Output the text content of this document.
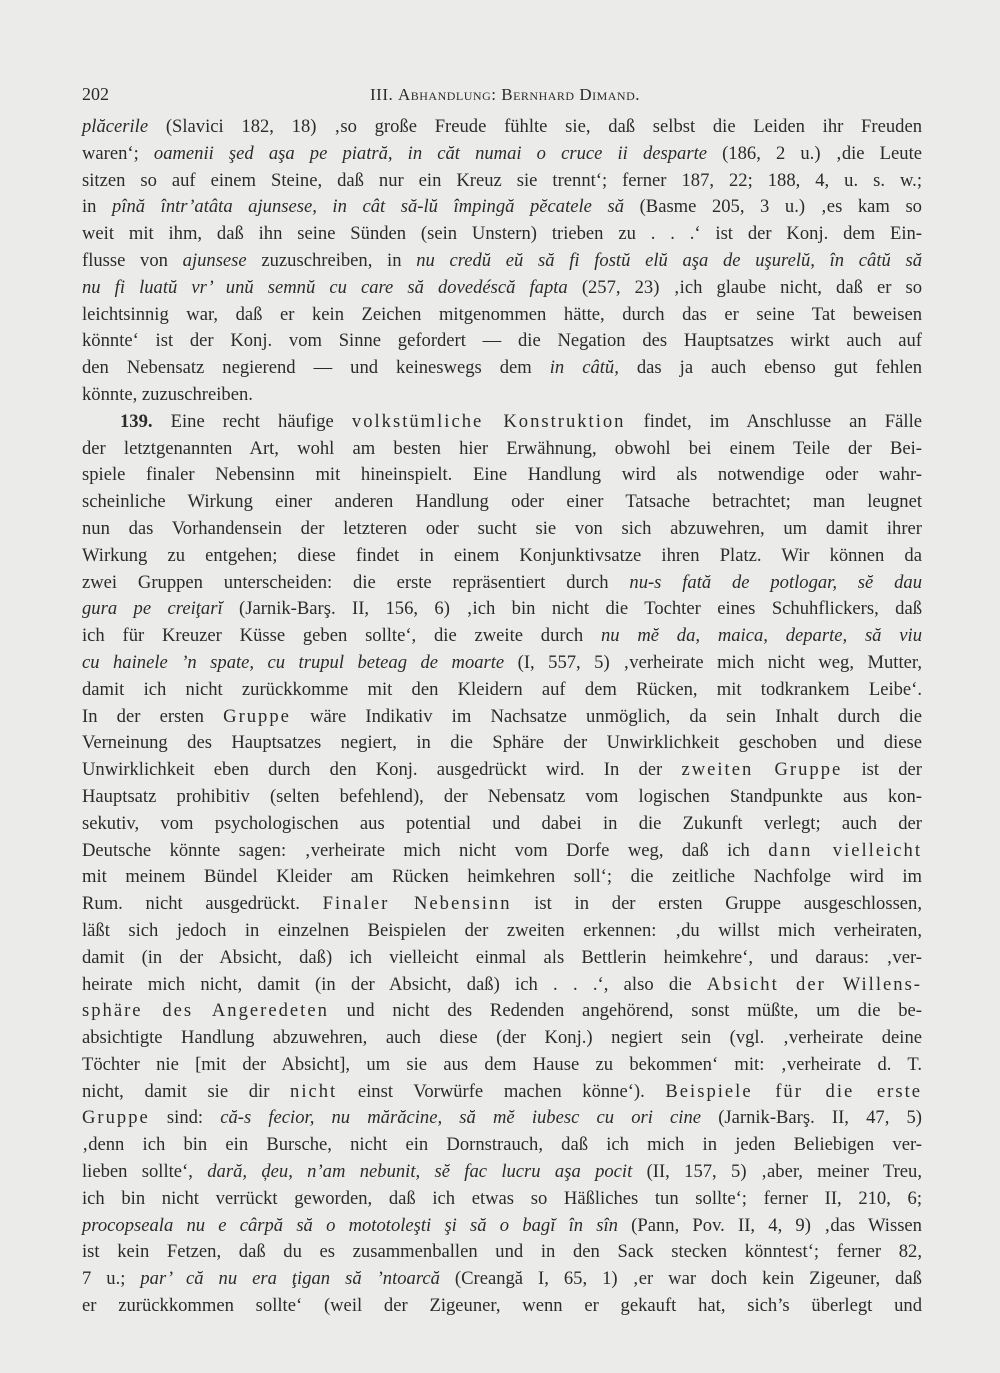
202	III. Abhandlung: Bernhard Dimand.
plăcerile (Slavici 182, 18) ‚so große Freude fühlte sie, daß selbst die Leiden ihr Freuden
waren‘; oamenii şed aşa pe piatră, in căt numai o cruce ii desparte (186, 2 u.) ‚die Leute
sitzen so auf einem Steine, daß nur ein Kreuz sie trennt‘; ferner 187, 22; 188, 4, u. s. w.;
in pînă într’atâta ajunsese, in cât să-lŭ împingă pĕcatele să (Basme 205, 3 u.) ‚es kam so
weit mit ihm, daß ihn seine Sünden (sein Unstern) trieben zu . . .‘ ist der Konj. dem Ein-
flusse von ajunsese zuzuschreiben, in nu credŭ eŭ să fi fostŭ elŭ aşa de uşurelŭ, în câtŭ să
nu fi luatŭ vr’ unŭ semnŭ cu care să dovedéscă fapta (257, 23) ‚ich glaube nicht, daß er so
leichtsinnig war, daß er kein Zeichen mitgenommen hätte, durch das er seine Tat beweisen
könnte‘ ist der Konj. vom Sinne gefordert — die Negation des Hauptsatzes wirkt auch auf
den Nebensatz negierend — und keineswegs dem in câtŭ, das ja auch ebenso gut fehlen
könnte, zuzuschreiben.
139. Eine recht häufige volkstümliche Konstruktion findet, im Anschlusse an Fälle
der letztgenannten Art, wohl am besten hier Erwähnung, obwohl bei einem Teile der Bei-
spiele finaler Nebensinn mit hineinspielt. Eine Handlung wird als notwendige oder wahr-
scheinliche Wirkung einer anderen Handlung oder einer Tatsache betrachtet; man leugnet
nun das Vorhandensein der letzteren oder sucht sie von sich abzuwehren, um damit ihrer
Wirkung zu entgehen; diese findet in einem Konjunktivsatze ihren Platz. Wir können da
zwei Gruppen unterscheiden: die erste repräsentiert durch nu-s fată de potlogar, sĕ dau
gura pe creiţarĭ (Jarnik-Barş. II, 156, 6) ‚ich bin nicht die Tochter eines Schuhflickers, daß
ich für Kreuzer Küsse geben sollte‘, die zweite durch nu mĕ da, maica, departe, să viu
cu hainele ’n spate, cu trupul beteag de moarte (I, 557, 5) ‚verheirate mich nicht weg, Mutter,
damit ich nicht zurückkomme mit den Kleidern auf dem Rücken, mit todkrankem Leibe‘.
In der ersten Gruppe wäre Indikativ im Nachsatze unmöglich, da sein Inhalt durch die
Verneinung des Hauptsatzes negiert, in die Sphäre der Unwirklichkeit geschoben und diese
Unwirklichkeit eben durch den Konj. ausgedrückt wird. In der zweiten Gruppe ist der
Hauptsatz prohibitiv (selten befehlend), der Nebensatz vom logischen Standpunkte aus kon-
sekutiv, vom psychologischen aus potential und dabei in die Zukunft verlegt; auch der
Deutsche könnte sagen: ‚verheirate mich nicht vom Dorfe weg, daß ich dann vielleicht
mit meinem Bündel Kleider am Rücken heimkehren soll‘; die zeitliche Nachfolge wird im
Rum. nicht ausgedrückt. Finaler Nebensinn ist in der ersten Gruppe ausgeschlossen,
läßt sich jedoch in einzelnen Beispielen der zweiten erkennen: ‚du willst mich verheiraten,
damit (in der Absicht, daß) ich vielleicht einmal als Bettlerin heimkehre‘, und daraus: ‚ver-
heirate mich nicht, damit (in der Absicht, daß) ich . . .‘, also die Absicht der Willens-
sphäre des Angeredeten und nicht des Redenden angehörend, sonst müßte, um die be-
absichtigte Handlung abzuwehren, auch diese (der Konj.) negiert sein (vgl. ‚verheirate deine
Töchter nie [mit der Absicht], um sie aus dem Hause zu bekommen‘ mit: ‚verheirate d. T.
nicht, damit sie dir nicht einst Vorwürfe machen könne‘). Beispiele für die erste
Gruppe sind: că-s fecior, nu mărăcine, să mĕ iubesc cu ori cine (Jarnik-Barş. II, 47, 5)
‚denn ich bin ein Bursche, nicht ein Dornstrauch, daß ich mich in jeden Beliebigen ver-
lieben sollte‘, dară, ḑeu, n’am nebunit, sĕ fac lucru aşa pocit (II, 157, 5) ‚aber, meiner Treu,
ich bin nicht verrückt geworden, daß ich etwas so Häßliches tun sollte‘; ferner II, 210, 6;
procopseala nu e cârpă să o mototoleşti şi să o bagĭ în sîn (Pann, Pov. II, 4, 9) ‚das Wissen
ist kein Fetzen, daß du es zusammenballen und in den Sack stecken könntest‘; ferner 82,
7 u.; par’ că nu era ţigan să ’ntoarcă (Creangă I, 65, 1) ‚er war doch kein Zigeuner, daß
er zurückkommen sollte‘ (weil der Zigeuner, wenn er gekauft hat, sich’s überlegt und
